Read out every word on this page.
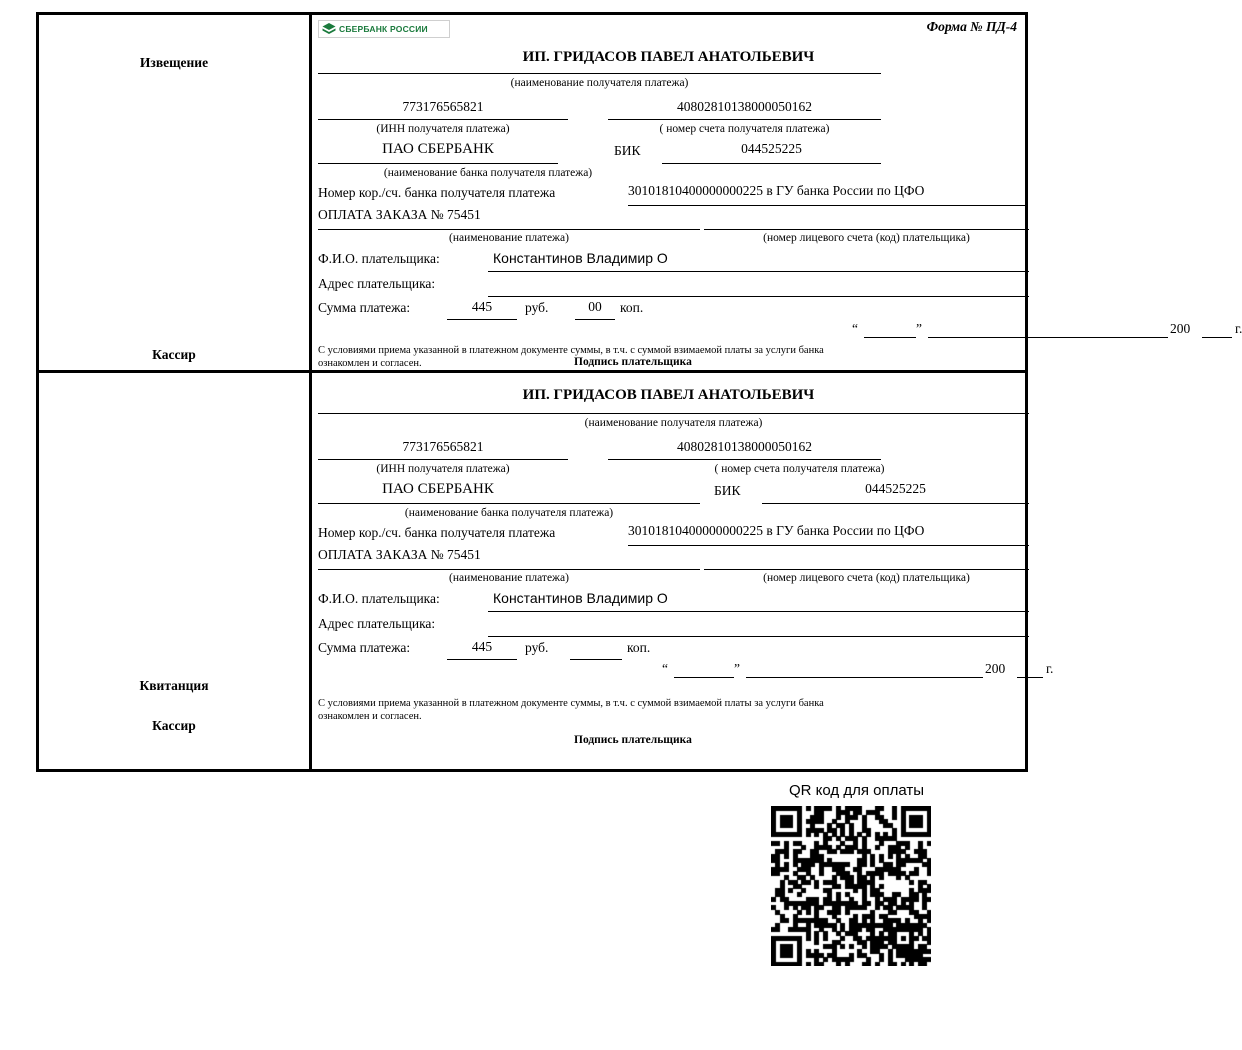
Извещение
Кассир
СБЕРБАНК РОССИИ	Форма № ПД-4
ИП. ГРИДАСОВ ПАВЕЛ АНАТОЛЬЕВИЧ
(наименование получателя платежа)
773176565821
(ИНН получателя платежа)
40802810138000050162
( номер счета получателя платежа)
ПАО СБЕРБАНК
(наименование банка получателя платежа)
БИК	044525225
Номер кор./сч. банка получателя платежа	30101810400000000225 в ГУ банка России по ЦФО
ОПЛАТА ЗАКАЗА № 75451
(наименование платежа)	(номер лицевого счета (код) плательщика)
Ф.И.О. плательщика:	Константинов Владимир О
Адрес плательщика:
Сумма платежа:	445	руб.	00	коп.
“	”	200	г.
С условиями приема указанной в платежном документе суммы, в т.ч. с суммой взимаемой платы за услуги банка
ознакомлен и согласен.	Подпись плательщика
Квитанция
Кассир
ИП. ГРИДАСОВ ПАВЕЛ АНАТОЛЬЕВИЧ
(наименование получателя платежа)
773176565821
(ИНН получателя платежа)
40802810138000050162
( номер счета получателя платежа)
ПАО СБЕРБАНК
(наименование банка получателя платежа)
БИК	044525225
Номер кор./сч. банка получателя платежа	30101810400000000225 в ГУ банка России по ЦФО
ОПЛАТА ЗАКАЗА № 75451
(наименование платежа)	(номер лицевого счета (код) плательщика)
Ф.И.О. плательщика:	Константинов Владимир О
Адрес плательщика:
Сумма платежа:	445	руб.	коп.
“	”	200	г.
С условиями приема указанной в платежном документе суммы, в т.ч. с суммой взимаемой платы за услуги банка
ознакомлен и согласен.
Подпись плательщика
QR код для оплаты
